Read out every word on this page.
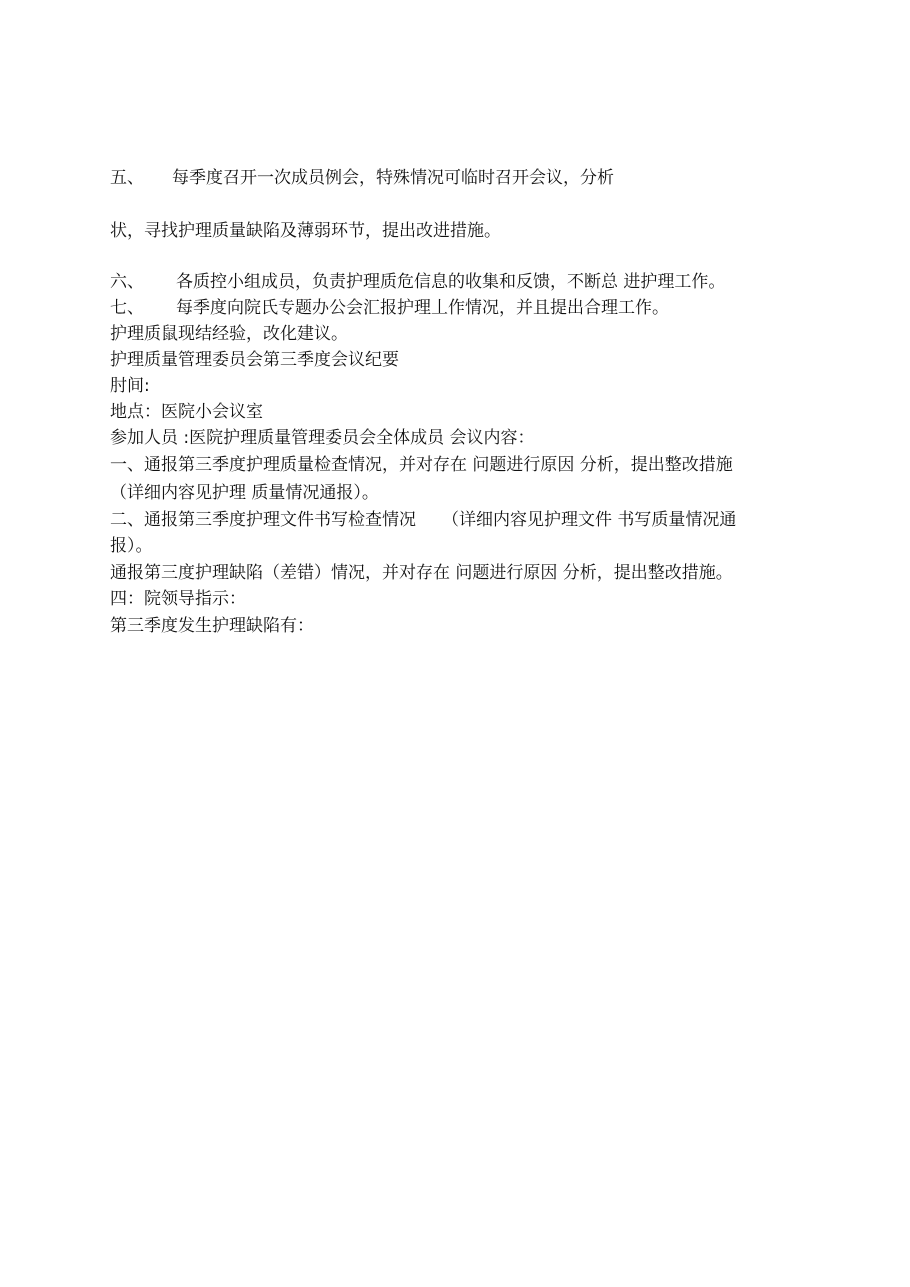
五、 每季度召开一次成员例会，特殊情况可临时召开会议，分析
状，寻找护理质量缺陷及薄弱环节，提出改进措施。
六、 各质控小组成员，负责护理质危信息的收集和反馈，不断总 进护理工作。
七、 每季度向院氏专题办公会汇报护理丄作情况，并且提出合理工作。
护理质鼠现结经验，改化建议。
护理质量管理委员会第三季度会议纪要
肘间:
地点：医院小会议室
参加人员 :医院护理质量管理委员会全体成员 会议内容：
一、通报第三季度护理质量检查情况，并对存在 问题进行原因 分析，提出整改措施
（详细内容见护理 质量情况通报）。
二、通报第三季度护理文件书写检查情况 （详细内容见护理文件 书写质量情况通
报）。
通报第三度护理缺陷（差错）情况，并对存在 问题进行原因 分析，提出整改措施。
四：院领导指示：
第三季度发生护理缺陷有：
